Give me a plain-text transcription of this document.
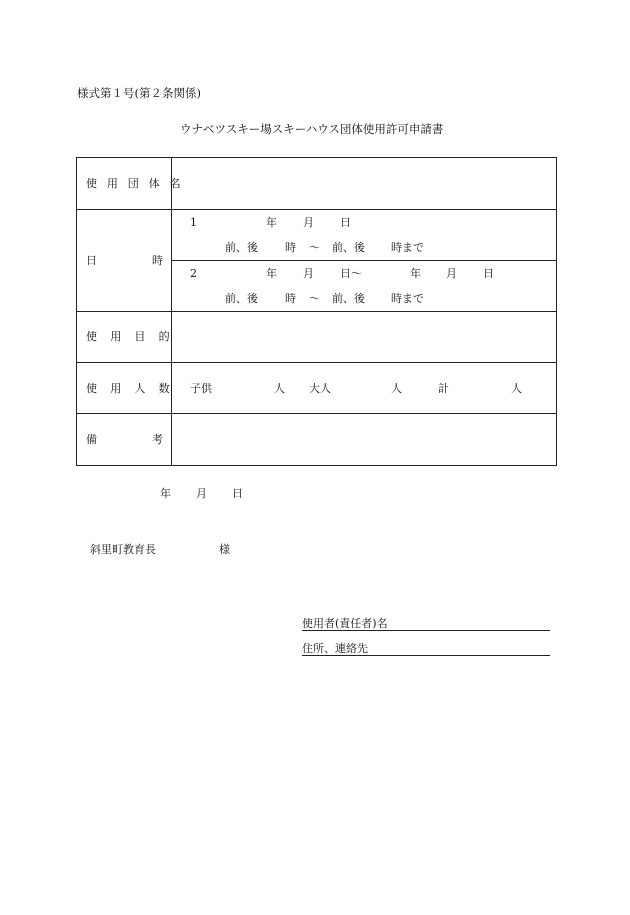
様式第１号(第２条関係)
ウナベツスキー場スキーハウス団体使用許可申請書
使用団体名
日	時
1	年 月 日
前、後 時 ～ 前、後 時まで
2	年 月 日～	年 月 日
前、後 時 ～ 前、後 時まで
使用目的
使用人数 子供	人 大人	人	計	人
備	考
年 月 日
斜里町教育長	様
使用者(責任者)名
住所、連絡先
